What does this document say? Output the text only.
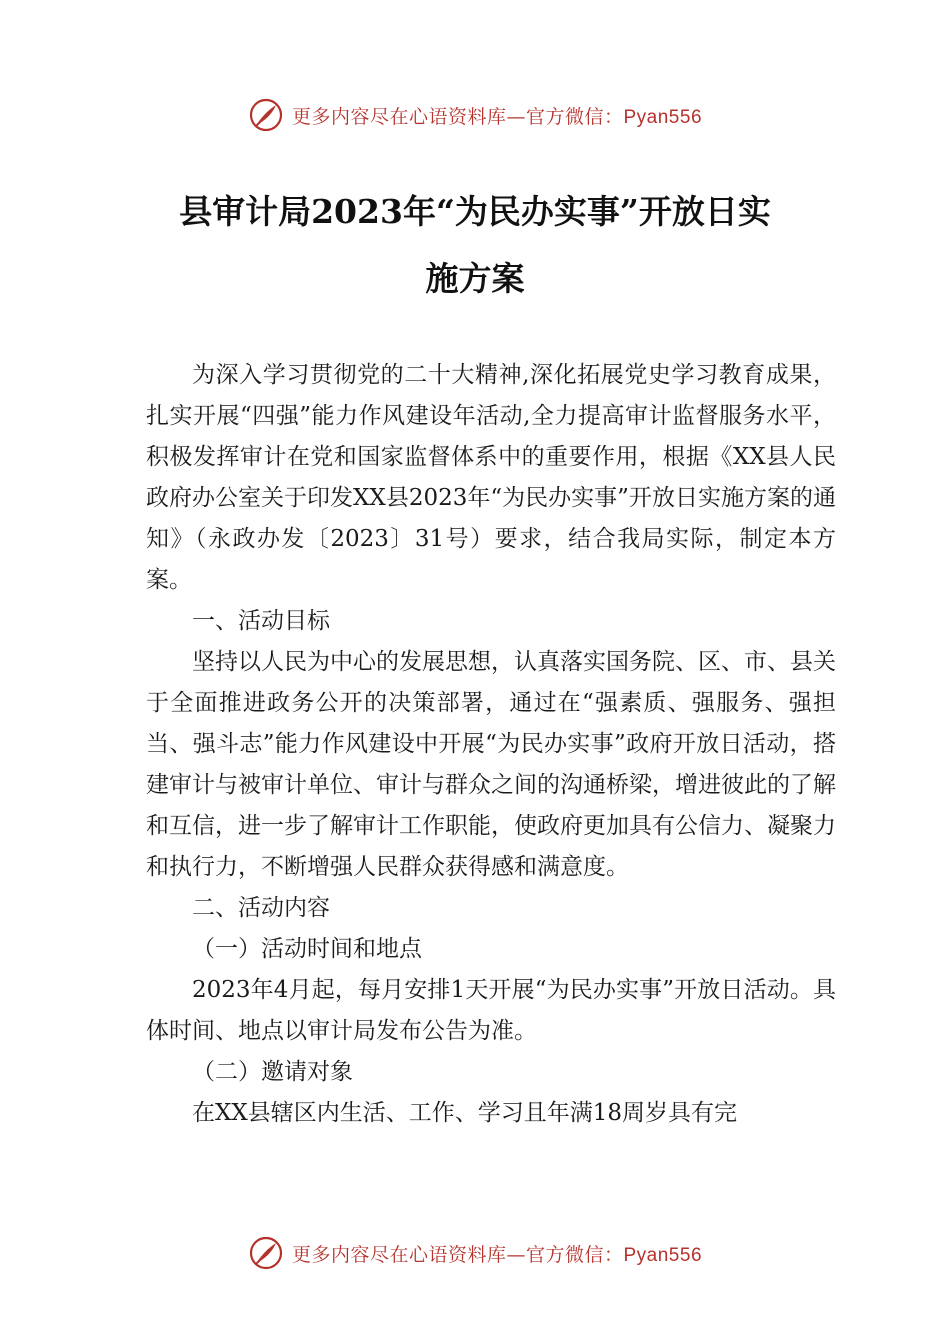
更多内容尽在心语资料库—官方微信：Pyan556
县审计局2023年“为民办实事”开放日实
施方案

为深入学习贯彻党的二十大精神,深化拓展党史学习教育成果，扎实开展“四强”能力作风建设年活动,全力提高审计监督服务水平，积极发挥审计在党和国家监督体系中的重要作用，根据《XX县人民政府办公室关于印发XX县2023年“为民办实事”开放日实施方案的通知》（永政办发〔2023〕31号）要求，结合我局实际，制定本方案。

一、活动目标

坚持以人民为中心的发展思想，认真落实国务院、区、市、县关于全面推进政务公开的决策部署，通过在“强素质、强服务、强担当、强斗志”能力作风建设中开展“为民办实事”政府开放日活动，搭建审计与被审计单位、审计与群众之间的沟通桥梁，增进彼此的了解和互信，进一步了解审计工作职能，使政府更加具有公信力、凝聚力和执行力，不断增强人民群众获得感和满意度。

二、活动内容

（一）活动时间和地点

2023年4月起，每月安排1天开展“为民办实事”开放日活动。具体时间、地点以审计局发布公告为准。

（二）邀请对象

在XX县辖区内生活、工作、学习且年满18周岁具有完

更多内容尽在心语资料库—官方微信：Pyan556
